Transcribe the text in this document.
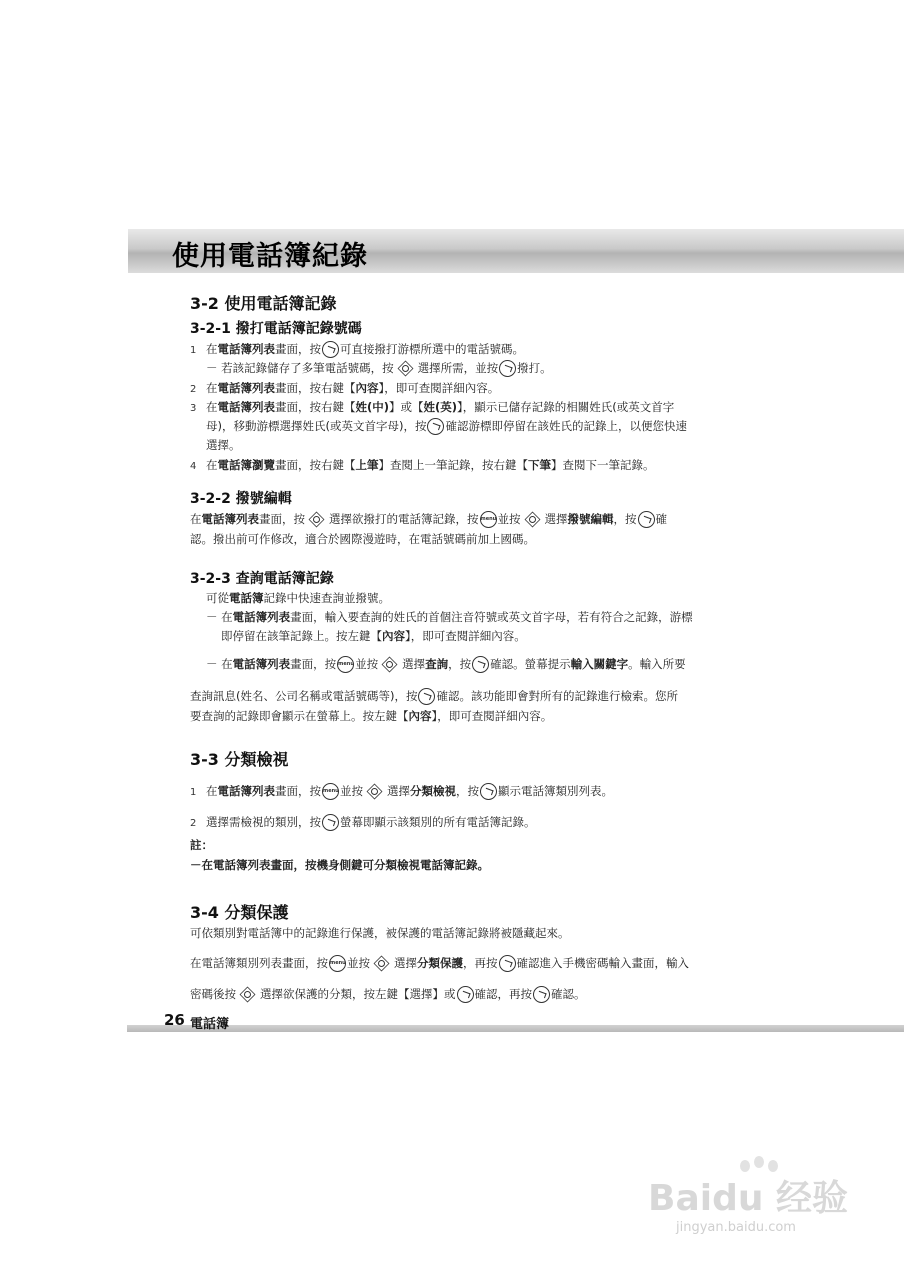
使用電話簿紀錄
3-2 使用電話簿記錄
3-2-1 撥打電話簿記錄號碼
1 在電話簿列表畫面，按 可直接撥打游標所選中的電話號碼。
－ 若該記錄儲存了多筆電話號碼，按 選擇所需，並按 撥打。
2 在電話簿列表畫面，按右鍵【內容】，即可查閱詳細內容。
3 在電話簿列表畫面，按右鍵【姓(中)】或【姓(英)】，顯示已儲存記錄的相關姓氏(或英文首字
母)，移動游標選擇姓氏(或英文首字母)，按 確認游標即停留在該姓氏的記錄上，以便您快速
選擇。
4 在電話簿瀏覽畫面，按右鍵【上筆】查閱上一筆記錄，按右鍵【下筆】查閱下一筆記錄。
3-2-2 撥號編輯
在電話簿列表畫面，按 選擇欲撥打的電話簿記錄，按 menu並按 選擇撥號編輯，按 確
認。撥出前可作修改，適合於國際漫遊時，在電話號碼前加上國碼。
3-2-3 查詢電話簿記錄
可從電話簿記錄中快速查詢並撥號。
－ 在電話簿列表畫面，輸入要查詢的姓氏的首個注音符號或英文首字母，若有符合之記錄，游標
即停留在該筆記錄上。按左鍵【內容】，即可查閱詳細內容。
－ 在電話簿列表畫面，按 menu並按 選擇查詢，按 確認。螢幕提示輸入關鍵字。輸入所要
查詢訊息(姓名、公司名稱或電話號碼等)，按 確認。該功能即會對所有的記錄進行檢索。您所
要查詢的記錄即會顯示在螢幕上。按左鍵【內容】，即可查閱詳細內容。
3-3 分類檢視
1 在電話簿列表畫面，按 menu並按 選擇分類檢視，按 顯示電話簿類別列表。
2 選擇需檢視的類別，按 螢幕即顯示該類別的所有電話簿記錄。
註：
－在電話簿列表畫面，按機身側鍵可分類檢視電話簿記錄。
3-4 分類保護
可依類別對電話簿中的記錄進行保護，被保護的電話簿記錄將被隱藏起來。
在電話簿類別列表畫面，按 menu並按 選擇分類保護，再按 確認進入手機密碼輸入畫面，輸入
密碼後按 選擇欲保護的分類，按左鍵【選擇】或 確認，再按 確認。
26 電話簿
Baidu 经验
jingyan.baidu.com
